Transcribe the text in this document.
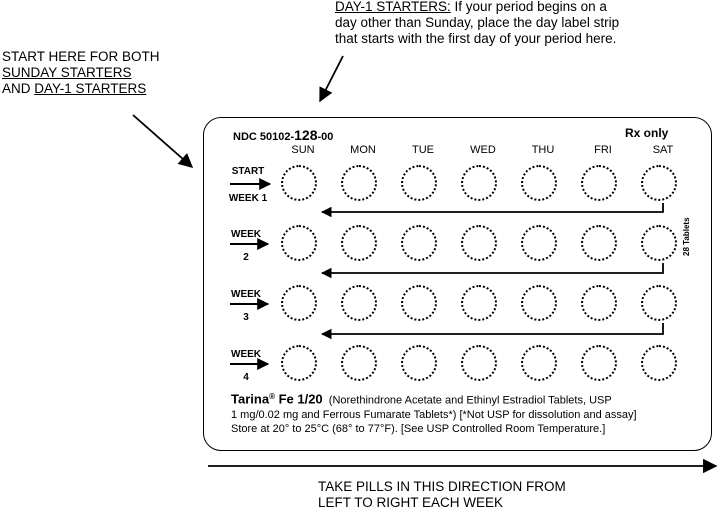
START HERE FOR BOTH
SUNDAY STARTERS
AND DAY-1 STARTERS
DAY-1 STARTERS: If your period begins on a
day other than Sunday, place the day label strip
that starts with the first day of your period here.
NDC 50102-128-00	Rx only
SUN	MON	TUE	WED	THU	FRI	SAT
START
WEEK 1
WEEK
2
WEEK
3
WEEK
4
28 Tablets
Tarina® Fe 1/20 (Norethindrone Acetate and Ethinyl Estradiol Tablets, USP
1 mg/0.02 mg and Ferrous Fumarate Tablets*) [*Not USP for dissolution and assay]
Store at 20° to 25°C (68° to 77°F). [See USP Controlled Room Temperature.]
TAKE PILLS IN THIS DIRECTION FROM
LEFT TO RIGHT EACH WEEK
